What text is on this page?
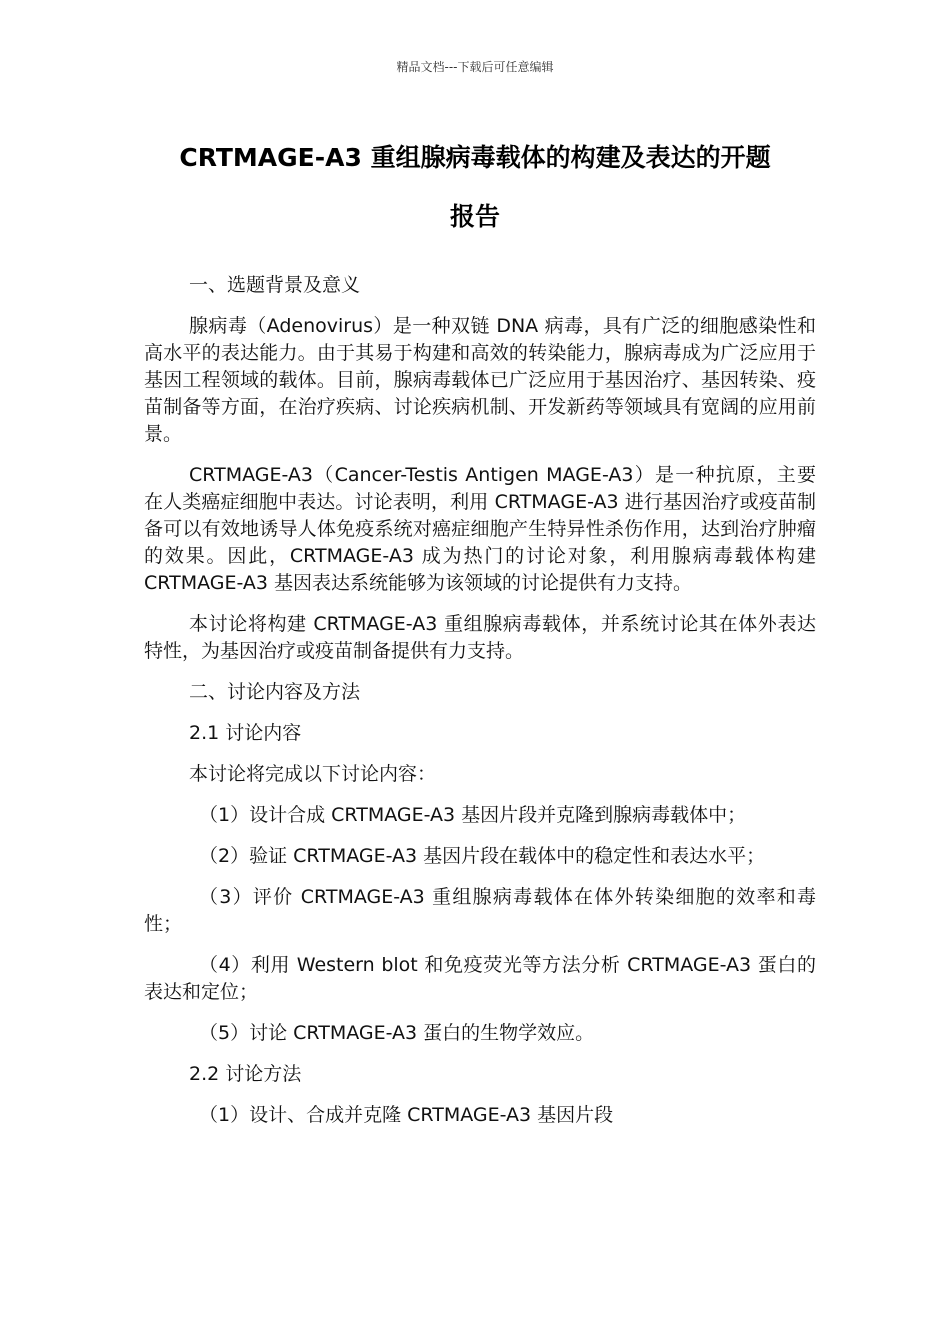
精品文档---下载后可任意编辑
CRTMAGE-A3 重组腺病毒载体的构建及表达的开题
报告

一、选题背景及意义

腺病毒（Adenovirus）是一种双链 DNA 病毒，具有广泛的细胞感染性和高水平的表达能力。由于其易于构建和高效的转染能力，腺病毒成为广泛应用于基因工程领域的载体。目前，腺病毒载体已广泛应用于基因治疗、基因转染、疫苗制备等方面，在治疗疾病、讨论疾病机制、开发新药等领域具有宽阔的应用前景。

CRTMAGE-A3（Cancer-Testis Antigen MAGE-A3）是一种抗原，主要在人类癌症细胞中表达。讨论表明，利用 CRTMAGE-A3 进行基因治疗或疫苗制备可以有效地诱导人体免疫系统对癌症细胞产生特异性杀伤作用，达到治疗肿瘤的效果。因此，CRTMAGE-A3 成为热门的讨论对象，利用腺病毒载体构建 CRTMAGE-A3 基因表达系统能够为该领域的讨论提供有力支持。

本讨论将构建 CRTMAGE-A3 重组腺病毒载体，并系统讨论其在体外表达特性，为基因治疗或疫苗制备提供有力支持。

二、讨论内容及方法

2.1 讨论内容

本讨论将完成以下讨论内容：

（1）设计合成 CRTMAGE-A3 基因片段并克隆到腺病毒载体中；

（2）验证 CRTMAGE-A3 基因片段在载体中的稳定性和表达水平；

（3）评价 CRTMAGE-A3 重组腺病毒载体在体外转染细胞的效率和毒性；

（4）利用 Western blot 和免疫荧光等方法分析 CRTMAGE-A3 蛋白的表达和定位；

（5）讨论 CRTMAGE-A3 蛋白的生物学效应。

2.2 讨论方法

（1）设计、合成并克隆 CRTMAGE-A3 基因片段
